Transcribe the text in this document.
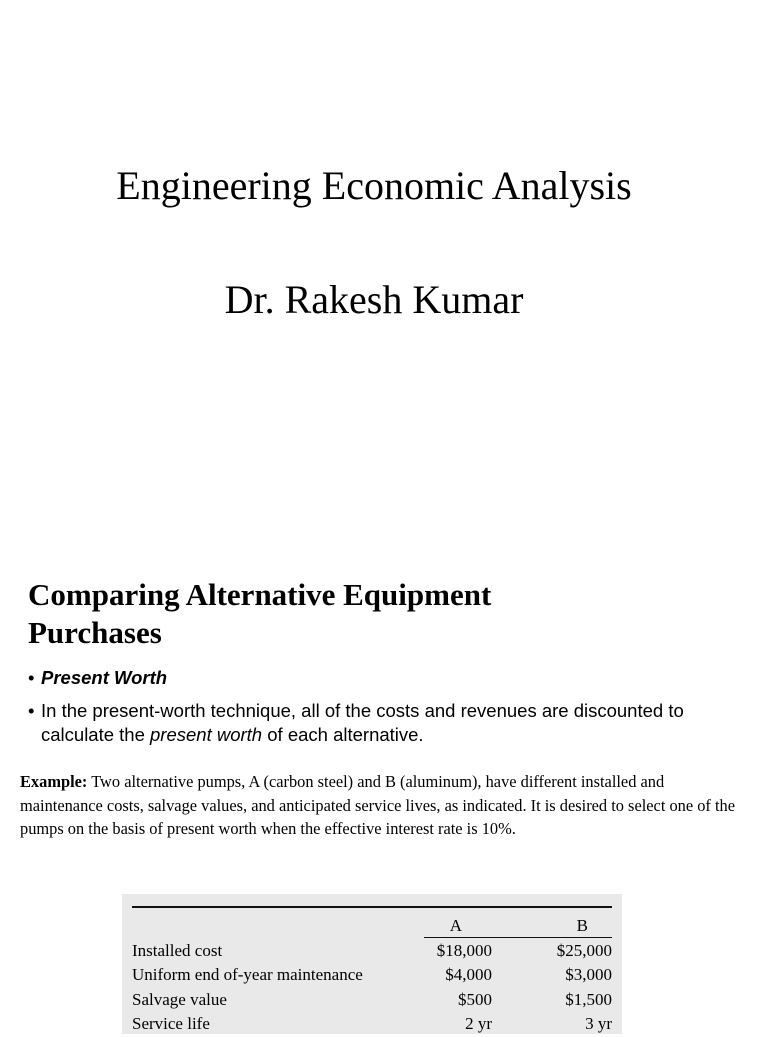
Engineering Economic Analysis
Dr. Rakesh Kumar
Comparing Alternative Equipment
Purchases
• Present Worth
• In the present-worth technique, all of the costs and revenues are discounted to calculate the present worth of each alternative.

Example: Two alternative pumps, A (carbon steel) and B (aluminum), have different installed and maintenance costs, salvage values, and anticipated service lives, as indicated. It is desired to select one of the pumps on the basis of present worth when the effective interest rate is 10%.

	A	B
Installed cost	$18,000	$25,000
Uniform end of-year maintenance	$4,000	$3,000
Salvage value	$500	$1,500
Service life	2 yr	3 yr
